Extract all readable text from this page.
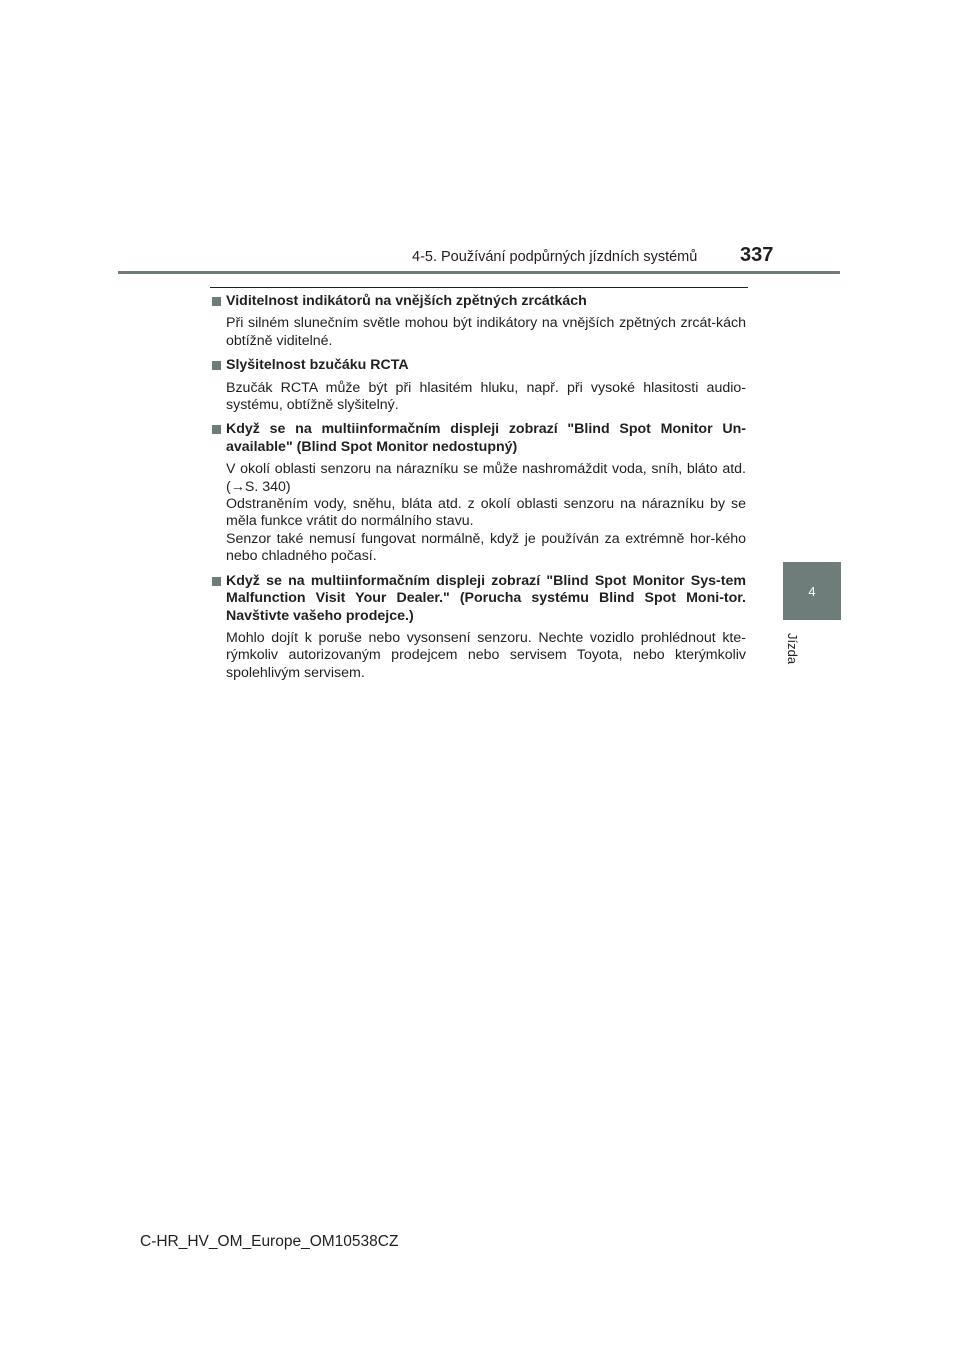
4-5. Používání podpůrných jízdních systémů 337
Viditelnost indikátorů na vnějších zpětných zrcátkách
Při silném slunečním světle mohou být indikátory na vnějších zpětných zrcát-kách obtížně viditelné.
Slyšitelnost bzučáku RCTA
Bzučák RCTA může být při hlasitém hluku, např. při vysoké hlasitosti audio-systému, obtížně slyšitelný.
Když se na multiinformačním displeji zobrazí "Blind Spot Monitor Un-available" (Blind Spot Monitor nedostupný)
V okolí oblasti senzoru na nárazníku se může nashromáždit voda, sníh, bláto atd. (→S. 340)
Odstraněním vody, sněhu, bláta atd. z okolí oblasti senzoru na nárazníku by se měla funkce vrátit do normálního stavu.
Senzor také nemusí fungovat normálně, když je používán za extrémně hor-kého nebo chladného počasí.
Když se na multiinformačním displeji zobrazí "Blind Spot Monitor Sys-tem Malfunction Visit Your Dealer." (Porucha systému Blind Spot Moni-tor. Navštivte vašeho prodejce.)
Mohlo dojít k poruše nebo vysonsení senzoru. Nechte vozidlo prohlédnout kte-rýmkoliv autorizovaným prodejcem nebo servisem Toyota, nebo kterýmkoliv spolehlivým servisem.
4
Jízda
C-HR_HV_OM_Europe_OM10538CZ
